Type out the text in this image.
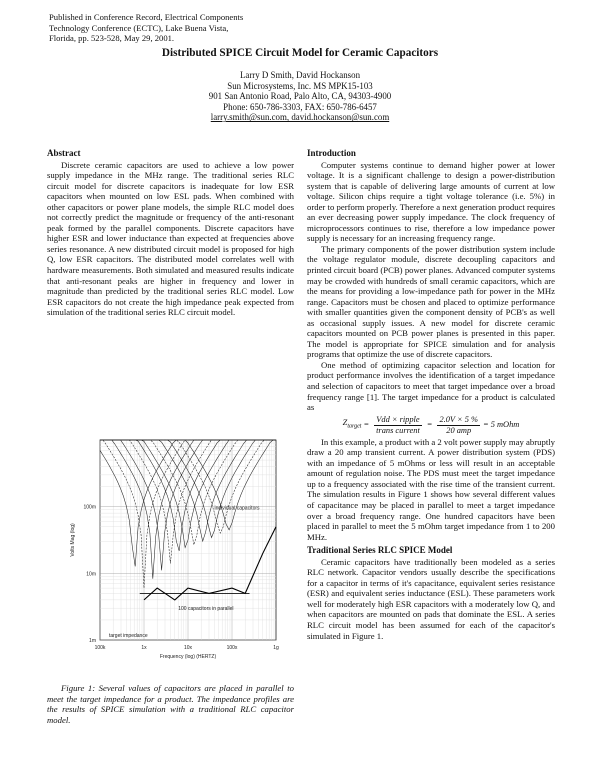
Published in Conference Record, Electrical Components
Technology Conference (ECTC), Lake Buena Vista,
Florida, pp. 523-528, May 29, 2001.
Distributed SPICE Circuit Model for Ceramic Capacitors
Larry D Smith, David Hockanson
Sun Microsystems, Inc. MS MPK15-103
901 San Antonio Road, Palo Alto, CA, 94303-4900
Phone: 650-786-3303, FAX: 650-786-6457
larry.smith@sun.com, david.hockanson@sun.com
Abstract

Discrete ceramic capacitors are used to achieve a low power supply impedance in the MHz range. The traditional series RLC circuit model for discrete capacitors is inadequate for low ESR capacitors when mounted on low ESL pads. When combined with other capacitors or power plane models, the simple RLC model does not correctly predict the magnitude or frequency of the anti-resonant peak formed by the parallel components. Discrete capacitors have higher ESR and lower inductance than expected at frequencies above series resonance. A new distributed circuit model is proposed for high Q, low ESR capacitors. The distributed model correlates well with hardware measurements. Both simulated and measured results indicate that anti-resonant peaks are higher in frequency and lower in magnitude than predicted by the traditional series RLC model. Low ESR capacitors do not create the high impedance peak expected from simulation of the traditional series RLC circuit model.

100k	1x	10x	100x	1g
1m
10m
100m
Frequency (log) (HERTZ)
Volts Mag (log)
individual capacitors
100 capacitors in parallel
target impedance
Figure 1: Several values of capacitors are placed in parallel to meet the target impedance for a product. The impedance profiles are the results of SPICE simulation with a traditional RLC capacitor model.
Introduction

Computer systems continue to demand higher power at lower voltage. It is a significant challenge to design a power-distribution system that is capable of delivering large amounts of current at low voltage. Silicon chips require a tight voltage tolerance (i.e. 5%) in order to perform properly. Therefore a next generation product requires an ever decreasing power supply impedance. The clock frequency of microprocessors continues to rise, therefore a low impedance power supply is necessary for an increasing frequency range.

The primary components of the power distribution system include the voltage regulator module, discrete decoupling capacitors and printed circuit board (PCB) power planes. Advanced computer systems may be crowded with hundreds of small ceramic capacitors, which are the means for providing a low-impedance path for power in the MHz range. Capacitors must be chosen and placed to optimize performance with smaller quantities given the component density of PCB's as well as occasional supply issues. A new model for discrete ceramic capacitors mounted on PCB power planes is presented in this paper. The model is appropriate for SPICE simulation and for analysis programs that optimize the use of discrete capacitors.

One method of optimizing capacitor selection and location for product performance involves the identification of a target impedance and selection of capacitors to meet that target impedance over a broad frequency range [1]. The target impedance for a product is calculated as

$Z_{target} = \frac{\text{Vdd × ripple}}{\text{trans current}} = \frac{2.0V \times 5 \%}{\text{20 amp}} = 5$ mOhm

In this example, a product with a 2 volt power supply may abruptly draw a 20 amp transient current. A power distribution system (PDS) with an impedance of 5 mOhms or less will result in an acceptable amount of regulation noise. The PDS must meet the target impedance up to a frequency associated with the rise time of the transient current. The simulation results in Figure 1 shows how several different values of capacitance may be placed in parallel to meet a target impedance over a broad frequency range. One hundred capacitors have been placed in parallel to meet the 5 mOhm target impedance from 1 to 200 MHz.

Traditional Series RLC SPICE Model

Ceramic capacitors have traditionally been modeled as a series RLC network. Capacitor vendors usually describe the specifications for a capacitor in terms of it's capacitance, equivalent series resistance (ESR) and equivalent series inductance (ESL). These parameters work well for moderately high ESR capacitors with a moderately low Q, and when capacitors are mounted on pads that dominate the ESL. A series RLC circuit model has been assumed for each of the capacitor's simulated in Figure 1.
